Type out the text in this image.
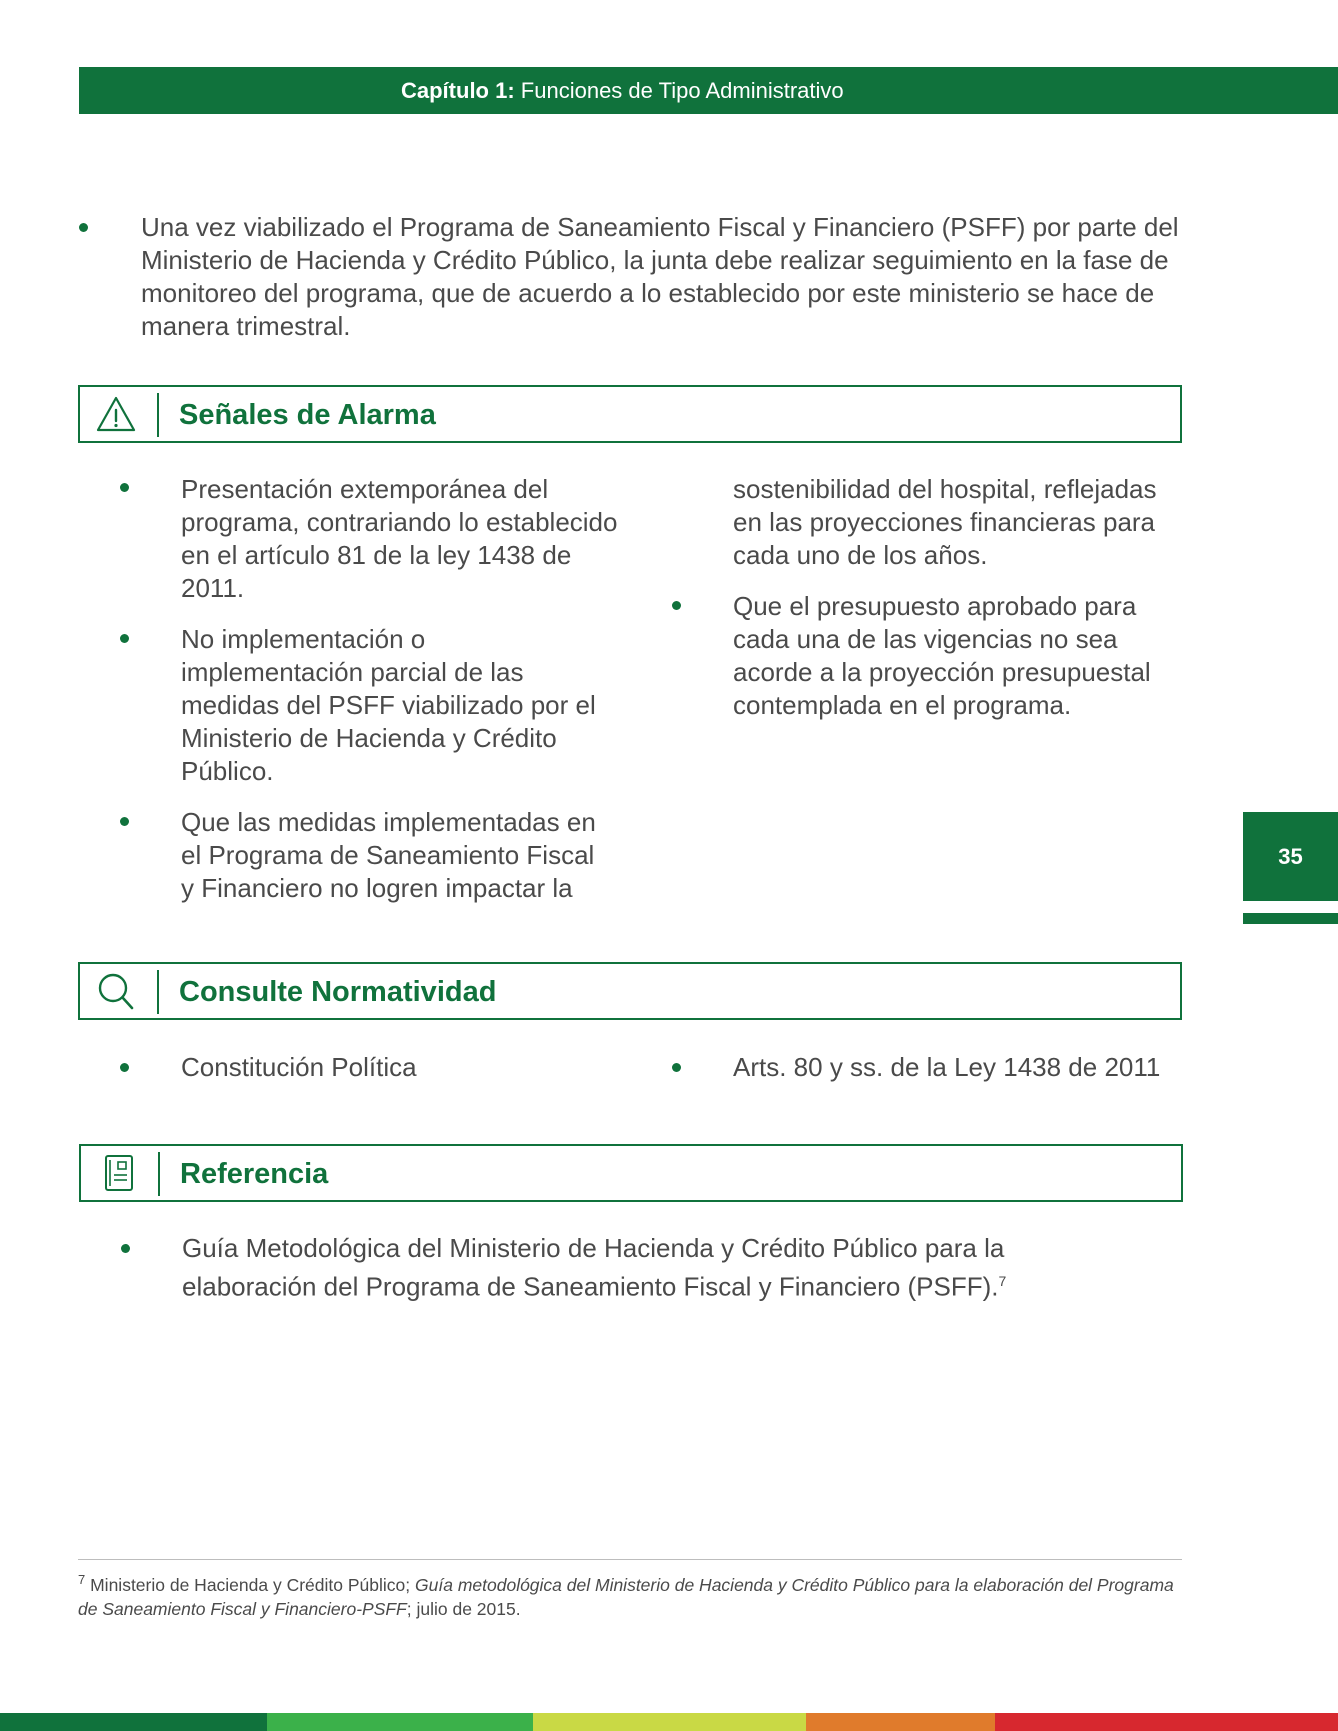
Capítulo 1: Funciones de Tipo Administrativo
Una vez viabilizado el Programa de Saneamiento Fiscal y Financiero (PSFF) por parte del Ministerio de Hacienda y Crédito Público, la junta debe realizar seguimiento en la fase de monitoreo del programa, que de acuerdo a lo establecido por este ministerio se hace de manera trimestral.
Señales de Alarma
Presentación extemporánea del programa, contrariando lo establecido en el artículo 81 de la ley 1438 de 2011.
No implementación o implementación parcial de las medidas del PSFF viabilizado por el Ministerio de Hacienda y Crédito Público.
Que las medidas implementadas en el Programa de Saneamiento Fiscal y Financiero no logren impactar la
sostenibilidad del hospital, reflejadas en las proyecciones financieras para cada uno de los años.
Que el presupuesto aprobado para cada una de las vigencias no sea acorde a la proyección presupuestal contemplada en el programa.
35
Consulte Normatividad
Constitución Política	Arts. 80 y ss. de la Ley 1438 de 2011
Referencia
Guía Metodológica del Ministerio de Hacienda y Crédito Público para la elaboración del Programa de Saneamiento Fiscal y Financiero (PSFF).$^7$
$^7$ Ministerio de Hacienda y Crédito Público; Guía metodológica del Ministerio de Hacienda y Crédito Público para la elaboración del Programa de Saneamiento Fiscal y Financiero-PSFF; julio de 2015.
